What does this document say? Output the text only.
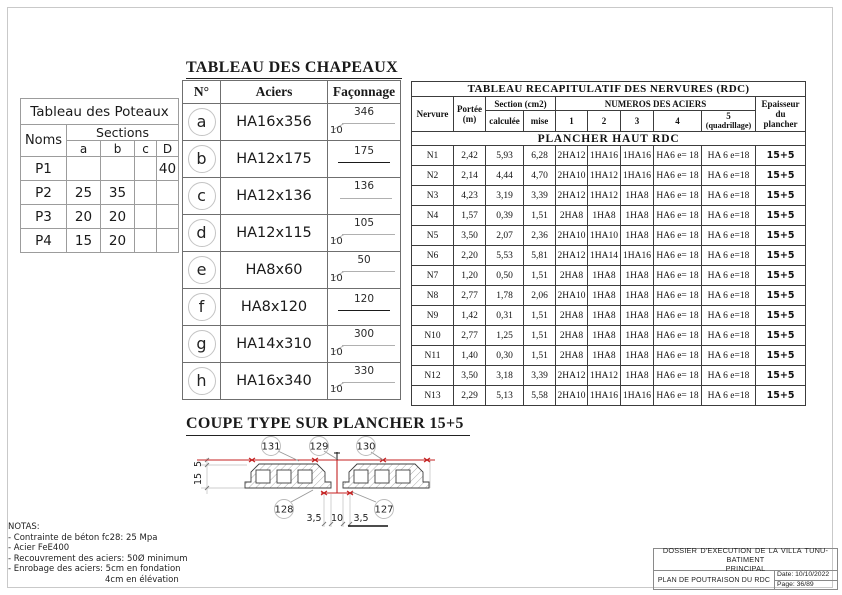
Tableau des Poteaux				
Noms	Sections			
	a	b	c	D
P1				40
P2	25	35		
P3	20	20		
P4	15	20		
TABLEAU DES CHAPEAUX
N°	Aciers	Façonnage
a	HA16x356	346
10

b	HA12x175	175

c	HA12x136	136

d	HA12x115	105
10

e	HA8x60	50
10

f	HA8x120	120

g	HA14x310	300
10

h	HA16x340	330
10
TABLEAU RECAPITULATIF DES NERVURES (RDC)									
Nervure	Portée
(m)
	Section (cm2)	NUMEROS DES ACIERS	Epaisseur
du
plancher

		calculée	mise	1	2	3	4	5
(quadrillage)	

PLANCHER HAUT RDC									
N1	2,42	5,93	6,28	2HA12	1HA16	1HA16	HA6 e= 18	HA 6 e=18	15+5
N2	2,14	4,44	4,70	2HA10	1HA12	1HA16	HA6 e= 18	HA 6 e=18	15+5
N3	4,23	3,19	3,39	2HA12	1HA12	1HA8	HA6 e= 18	HA 6 e=18	15+5
N4	1,57	0,39	1,51	2HA8	1HA8	1HA8	HA6 e= 18	HA 6 e=18	15+5
N5	3,50	2,07	2,36	2HA10	1HA10	1HA8	HA6 e= 18	HA 6 e=18	15+5
N6	2,20	5,53	5,81	2HA12	1HA14	1HA16	HA6 e= 18	HA 6 e=18	15+5
N7	1,20	0,50	1,51	2HA8	1HA8	1HA8	HA6 e= 18	HA 6 e=18	15+5
N8	2,77	1,78	2,06	2HA10	1HA8	1HA8	HA6 e= 18	HA 6 e=18	15+5
N9	1,42	0,31	1,51	2HA8	1HA8	1HA8	HA6 e= 18	HA 6 e=18	15+5
N10	2,77	1,25	1,51	2HA8	1HA8	1HA8	HA6 e= 18	HA 6 e=18	15+5
N11	1,40	0,30	1,51	2HA8	1HA8	1HA8	HA6 e= 18	HA 6 e=18	15+5
N12	3,50	3,18	3,39	2HA12	1HA12	1HA8	HA6 e= 18	HA 6 e=18	15+5
N13	2,29	5,13	5,58	2HA10	1HA16	1HA16	HA6 e= 18	HA 6 e=18	15+5
COUPE TYPE SUR PLANCHER 15+5
131	129	130
128	127
5
15
3,5 10 3,5
NOTAS:
- Contrainte de béton fc28: 25 Mpa
- Acier FeE400
- Recouvrement des aciers: 50Ø minimum
- Enrobage des aciers: 5cm en fondation
4cm en élévation
DOSSIER D'EXECUTION DE LA VILLA TUNU-BATIMENT
PRINCIPAL
PLAN DE POUTRAISON DU RDC
Date: 10/10/2022
Page: 36/89
